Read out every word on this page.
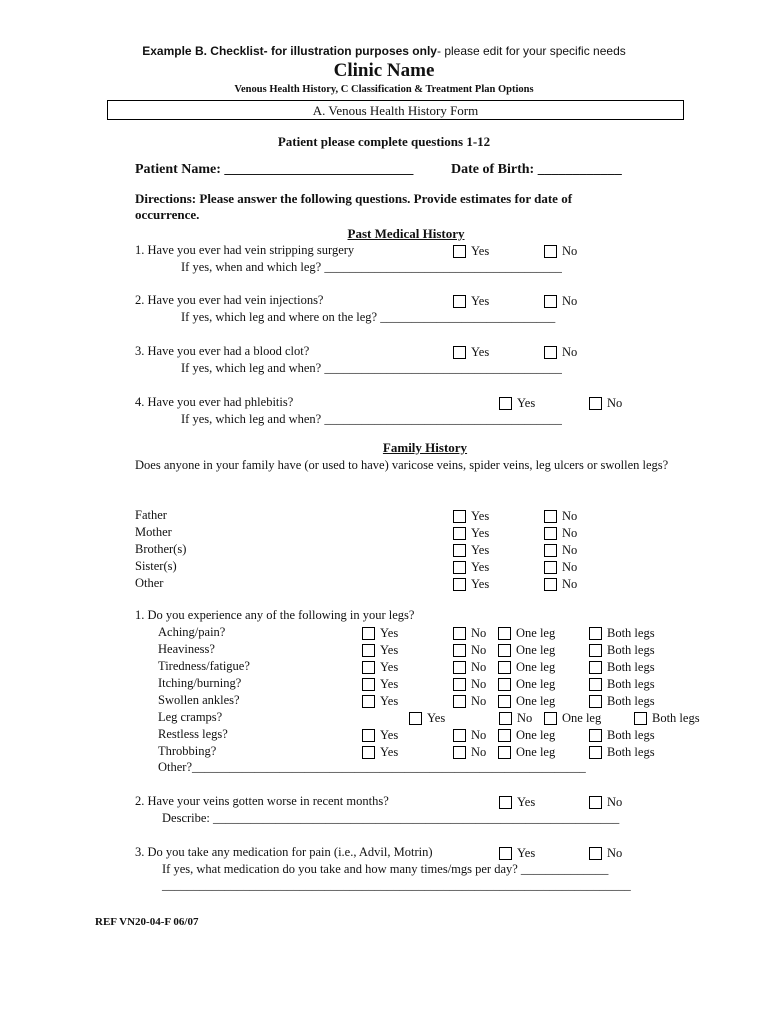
Example B. Checklist- for illustration purposes only- please edit for your specific needs
Clinic Name
Venous Health History, C Classification & Treatment Plan Options
A. Venous Health History Form
Patient please complete questions 1-12
Patient Name: ___________________________	Date of Birth: ____________
Directions: Please answer the following questions. Provide estimates for date of occurrence.
Past Medical History
1. Have you ever had vein stripping surgery
If yes, when and which leg? ______________________________________
Yes	No
2. Have you ever had vein injections?
If yes, which leg and where on the leg? ____________________________
Yes	No
3. Have you ever had a blood clot?
If yes, which leg and when? ______________________________________
Yes	No
4. Have you ever had phlebitis?
If yes, which leg and when? ______________________________________
Yes	No
Family History
Does anyone in your family have (or used to have) varicose veins, spider veins, leg ulcers or swollen legs?
Father	Yes	No
Mother	Yes	No
Brother(s)	Yes	No
Sister(s)	Yes	No
Other	Yes	No
1. Do you experience any of the following in your legs?
Aching/pain?	Yes	No One leg	Both legs
Heaviness?	Yes	No One leg	Both legs
Tiredness/fatigue?	Yes	No One leg	Both legs
Itching/burning?	Yes	No One leg	Both legs
Swollen ankles?	Yes	No One leg	Both legs
Leg cramps?	Yes	No One leg	Both legs
Restless legs?	Yes	No One leg	Both legs
Throbbing?	Yes	No One leg	Both legs
Other?_______________________________________________________________
2. Have your veins gotten worse in recent months?	Yes	No
Describe: _________________________________________________________________
3. Do you take any medication for pain (i.e., Advil, Motrin)	Yes	No
If yes, what medication do you take and how many times/mgs per day? ______________
___________________________________________________________________________
REF VN20-04-F 06/07
